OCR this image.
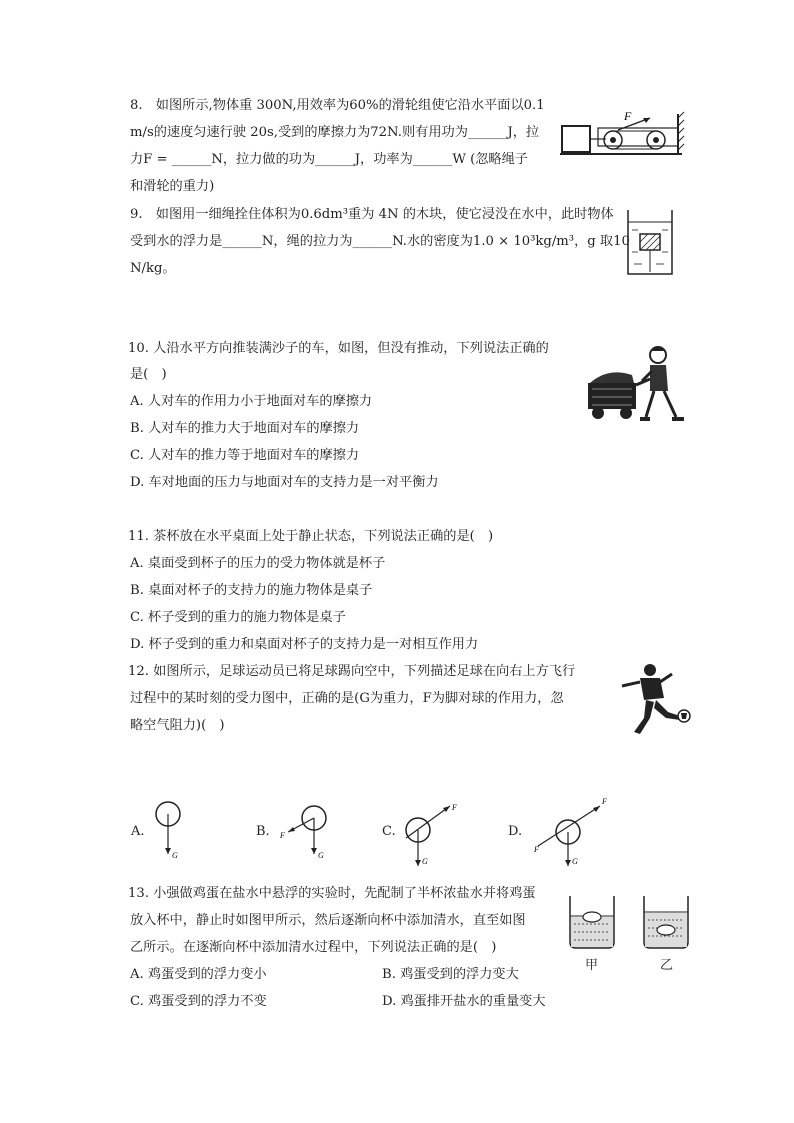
8.　如图所示,物体重 300N,用效率为60%的滑轮组使它沿水平面以0.1
m/s的速度匀速行驶 20s,受到的摩擦力为72N.则有用功为______J，拉
力F = ______N，拉力做的功为______J，功率为______W (忽略绳子
和滑轮的重力)
F
9.　如图用一细绳拴住体积为0.6dm³重为 4N 的木块，使它浸没在水中，此时物体
受到水的浮力是______N，绳的拉力为______N.水的密度为1.0 × 10³kg/m³，g 取10
N/kg。
10. 人沿水平方向推装满沙子的车，如图，但没有推动，下列说法正确的
是(　)
A. 人对车的作用力小于地面对车的摩擦力
B. 人对车的推力大于地面对车的摩擦力
C. 人对车的推力等于地面对车的摩擦力
D. 车对地面的压力与地面对车的支持力是一对平衡力
11. 茶杯放在水平桌面上处于静止状态，下列说法正确的是(　)
A. 桌面受到杯子的压力的受力物体就是杯子
B. 桌面对杯子的支持力的施力物体是桌子
C. 杯子受到的重力的施力物体是桌子
D. 杯子受到的重力和桌面对杯子的支持力是一对相互作用力
12. 如图所示，足球运动员已将足球踢向空中，下列描述足球在向右上方飞行
过程中的某时刻的受力图中，正确的是(G为重力，F为脚对球的作用力，忽
略空气阻力)(　)
A.
G
B. F
G
C.
F
G
D.
F
F
G
13. 小强做鸡蛋在盐水中悬浮的实验时，先配制了半杯浓盐水并将鸡蛋
放入杯中，静止时如图甲所示，然后逐渐向杯中添加清水，直至如图
乙所示。在逐渐向杯中添加清水过程中，下列说法正确的是(　)
A. 鸡蛋受到的浮力变小	B. 鸡蛋受到的浮力变大
C. 鸡蛋受到的浮力不变	D. 鸡蛋排开盐水的重量变大
甲	乙
